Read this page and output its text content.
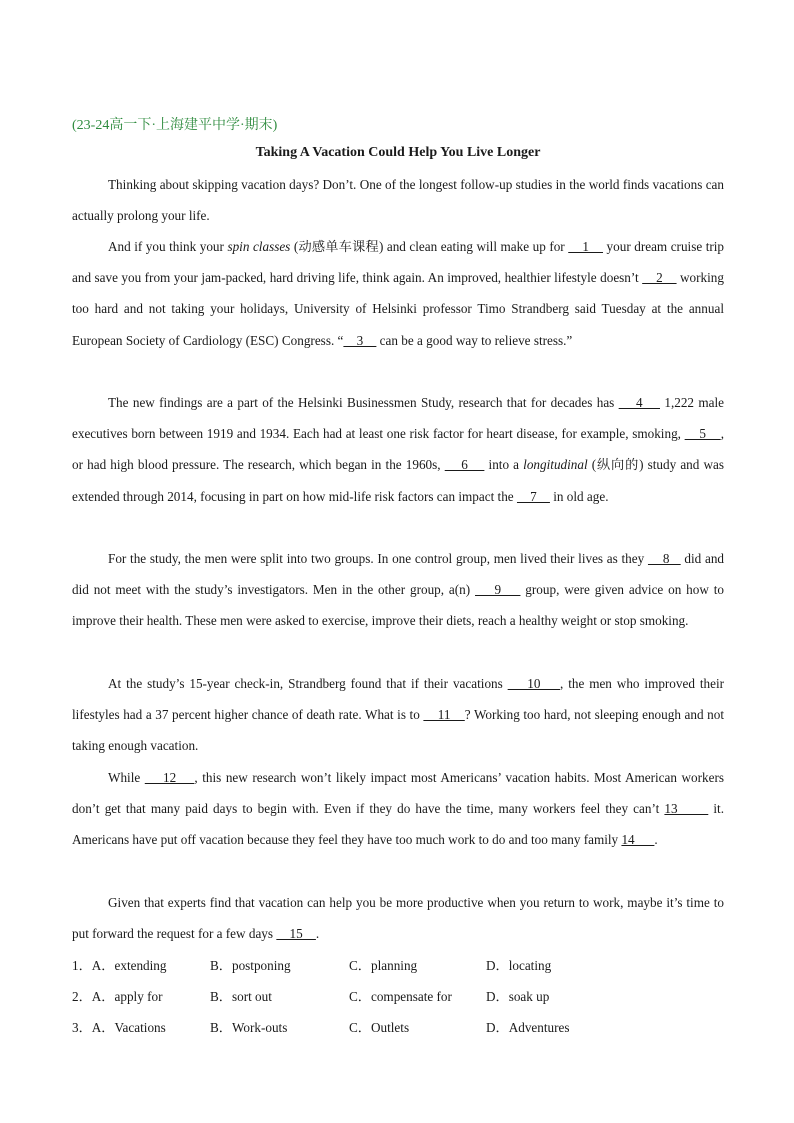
(23-24高一下·上海建平中学·期末)
Taking A Vacation Could Help You Live Longer

Thinking about skipping vacation days? Don’t. One of the longest follow-up studies in the world finds vacations can actually prolong your life.

And if you think your spin classes (动感单车课程) and clean eating will make up for     1     your dream cruise trip and save you from your jam-packed, hard driving life, think again. An improved, healthier lifestyle doesn’t     2     working too hard and not taking your holidays, University of Helsinki professor Timo Strandberg said Tuesday at the annual European Society of Cardiology (ESC) Congress. “    3     can be a good way to relieve stress.”

The new findings are a part of the Helsinki Businessmen Study, research that for decades has     4     1,222 male executives born between 1919 and 1934. Each had at least one risk factor for heart disease, for example, smoking,     5    , or had high blood pressure. The research, which began in the 1960s,     6     into a longitudinal (纵向的) study and was extended through 2014, focusing in part on how mid-life risk factors can impact the     7     in old age.

For the study, the men were split into two groups. In one control group, men lived their lives as they     8    did and did not meet with the study’s investigators. Men in the other group, a(n)     9     group, were given advice on how to improve their health. These men were asked to exercise, improve their diets, reach a healthy weight or stop smoking.

At the study’s 15-year check-in, Strandberg found that if their vacations     10    , the men who improved their lifestyles had a 37 percent higher chance of death rate. What is to     11    ? Working too hard, not sleeping enough and not taking enough vacation.

While     12    , this new research won’t likely impact most Americans’ vacation habits. Most American workers don’t get that many paid days to begin with. Even if they do have the time, many workers feel they can’t 13       it. Americans have put off vacation because they feel they have too much work to do and too many family 14      .

Given that experts find that vacation can help you be more productive when you return to work, maybe it’s time to put forward the request for a few days     15    .

1．A．extending	B．postponing	C．planning	D．locating
2．A．apply for	B．sort out	C．compensate for	D．soak up
3．A．Vacations	B．Work-outs	C．Outlets	D．Adventures
